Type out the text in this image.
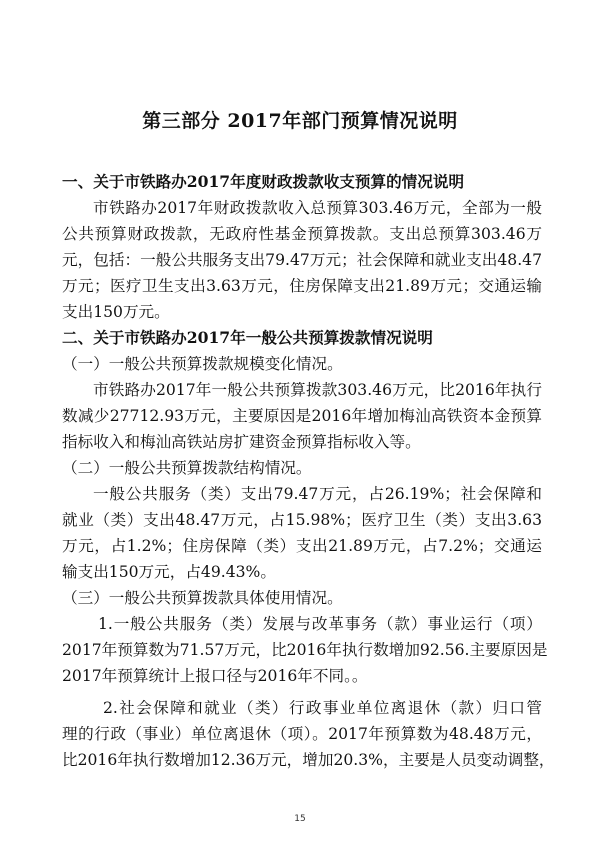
第三部分 2017年部门预算情况说明
一、关于市铁路办2017年度财政拨款收支预算的情况说明
市铁路办2017年财政拨款收入总预算303.46万元，全部为一般
公共预算财政拨款，无政府性基金预算拨款。支出总预算303.46万
元，包括：一般公共服务支出79.47万元；社会保障和就业支出48.47
万元；医疗卫生支出3.63万元，住房保障支出21.89万元；交通运输
支出150万元。
二、关于市铁路办2017年一般公共预算拨款情况说明
（一）一般公共预算拨款规模变化情况。
市铁路办2017年一般公共预算拨款303.46万元，比2016年执行
数减少27712.93万元，主要原因是2016年增加梅汕高铁资本金预算
指标收入和梅汕高铁站房扩建资金预算指标收入等。
（二）一般公共预算拨款结构情况。
一般公共服务（类）支出79.47万元，占26.19%；社会保障和
就业（类）支出48.47万元，占15.98%；医疗卫生（类）支出3.63
万元，占1.2%；住房保障（类）支出21.89万元，占7.2%；交通运
输支出150万元，占49.43%。
（三）一般公共预算拨款具体使用情况。
1.一般公共服务（类）发展与改革事务（款）事业运行（项）
2017年预算数为71.57万元，比2016年执行数增加92.56.主要原因是
2017年预算统计上报口径与2016年不同。。
2.社会保障和就业（类）行政事业单位离退休（款）归口管
理的行政（事业）单位离退休（项）。2017年预算数为48.48万元，
比2016年执行数增加12.36万元，增加20.3%，主要是人员变动调整，
15
